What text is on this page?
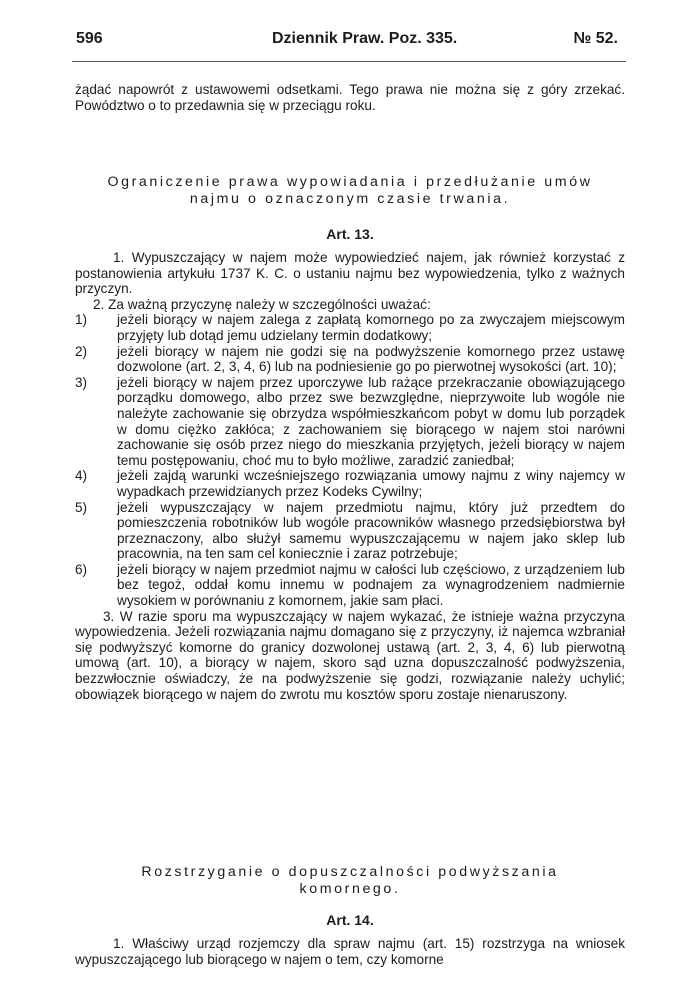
596	Dziennik Praw. Poz. 335.	№ 52.

żądać napowrót z ustawowemi odsetkami. Tego prawa nie można się z góry zrzekać. Powództwo o to przedawnia się w przeciągu roku.

Ograniczenie prawa wypowiadania i przedłużanie umów

najmu o oznaczonym czasie trwania.

Art. 13.

1. Wypuszczający w najem może wypowiedzieć najem, jak również korzystać z postanowienia artykułu 1737 K. C. o ustaniu najmu bez wypowiedzenia, tylko z ważnych przyczyn.

2. Za ważną przyczynę należy w szczególności uważać:

1)	jeżeli biorący w najem zalega z zapłatą komornego po za zwyczajem miejscowym przyjęty lub dotąd jemu udzielany termin dodatkowy;
2)	jeżeli biorący w najem nie godzi się na podwyższenie komornego przez ustawę dozwolone (art. 2, 3, 4, 6) lub na podniesienie go po pierwotnej wysokości (art. 10);
3)	jeżeli biorący w najem przez uporczywe lub rażące przekraczanie obowiązującego porządku domowego, albo przez swe bezwzględne, nieprzywoite lub wogóle nie należyte zachowanie się obrzydza współmieszkańcom pobyt w domu lub porządek w domu ciężko zakłóca; z zachowaniem się biorącego w najem stoi narówni zachowanie się osób przez niego do mieszkania przyjętych, jeżeli biorący w najem temu postępowaniu, choć mu to było możliwe, zaradzić zaniedbał;
4)	jeżeli zajdą warunki wcześniejszego rozwiązania umowy najmu z winy najemcy w wypadkach przewidzianych przez Kodeks Cywilny;
5)	jeżeli wypuszczający w najem przedmiotu najmu, który już przedtem do pomieszczenia robotników lub wogóle pracowników własnego przedsiębiorstwa był przeznaczony, albo służył samemu wypuszczającemu w najem jako sklep lub pracownia, na ten sam cel koniecznie i zaraz potrzebuje;
6)	jeżeli biorący w najem przedmiot najmu w całości lub częściowo, z urządzeniem lub bez tegoż, oddał komu innemu w podnajem za wynagrodzeniem nadmiernie wysokiem w porównaniu z komornem, jakie sam płaci.

3. W razie sporu ma wypuszczający w najem wykazać, że istnieje ważna przyczyna wypowiedzenia. Jeżeli rozwiązania najmu domagano się z przyczyny, iż najemca wzbraniał się podwyższyć komorne do granicy dozwolonej ustawą (art. 2, 3, 4, 6) lub pierwotną umową (art. 10), a biorący w najem, skoro sąd uzna dopuszczalność podwyższenia, bezzwłocznie oświadczy, że na podwyższenie się godzi, rozwiązanie należy uchylić; obowiązek biorącego w najem do zwrotu mu kosztów sporu zostaje nienaruszony.

Rozstrzyganie o dopuszczalności podwyższania

komornego.

Art. 14.

1. Właściwy urząd rozjemczy dla spraw najmu (art. 15) rozstrzyga na wniosek wypuszczającego lub biorącego w najem o tem, czy komorne
